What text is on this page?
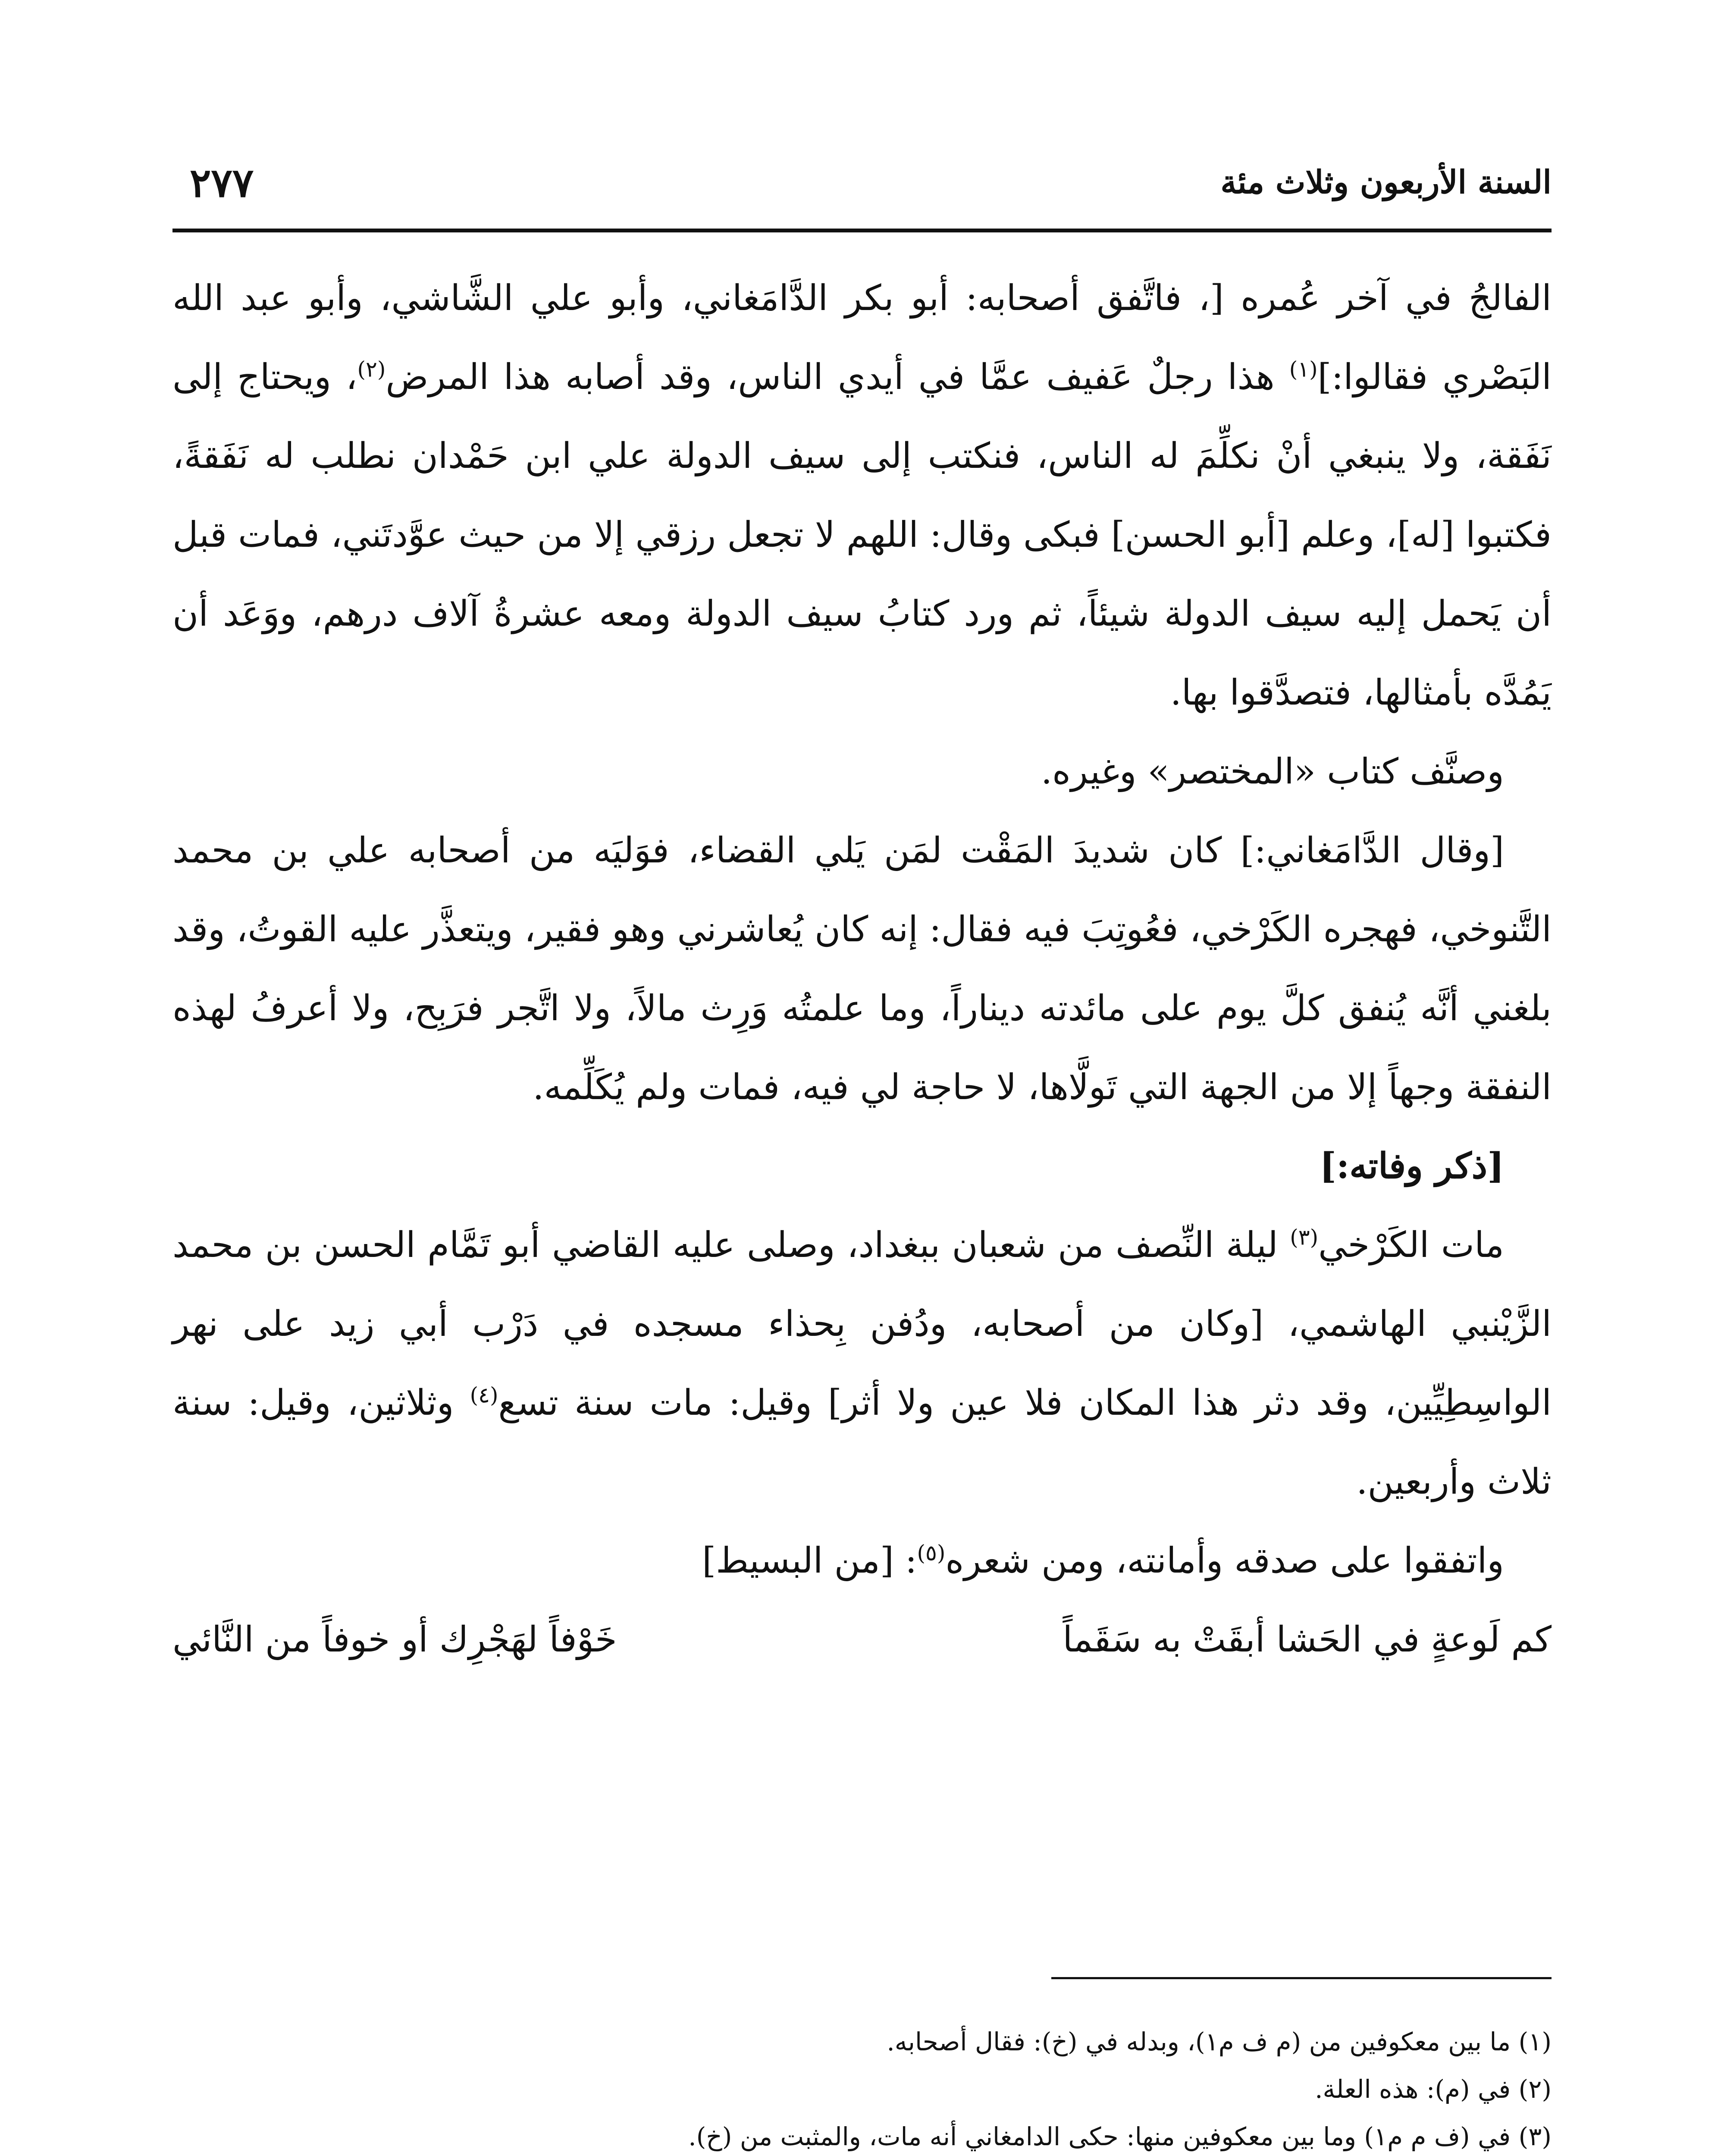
السنة الأربعون وثلاث مئة
٢٧٧

الفالجُ في آخر عُمره [، فاتَّفق أصحابه: أبو بكر الدَّامَغاني، وأبو علي الشَّاشي، وأبو عبد الله البَصْري فقالوا:]$^{(١)}$ هذا رجلٌ عَفيف عمَّا في أيدي الناس، وقد أصابه هذا المرض$^{(٢)}$، ويحتاج إلى نَفَقة، ولا ينبغي أنْ نكلِّمَ له الناس، فنكتب إلى سيف الدولة علي ابن حَمْدان نطلب له نَفَقةً، فكتبوا [له]، وعلم [أبو الحسن] فبكى وقال: اللهم لا تجعل رزقي إلا من حيث عوَّدتَني، فمات قبل أن يَحمل إليه سيف الدولة شيئاً، ثم ورد كتابُ سيف الدولة ومعه عشرةُ آلاف درهم، ووَعَد أن يَمُدَّه بأمثالها، فتصدَّقوا بها.

وصنَّف كتاب «المختصر» وغيره.

[وقال الدَّامَغاني:] كان شديدَ المَقْت لمَن يَلي القضاء، فوَليَه من أصحابه علي بن محمد التَّنوخي، فهجره الكَرْخي، فعُوتِبَ فيه فقال: إنه كان يُعاشرني وهو فقير، ويتعذَّر عليه القوتُ، وقد بلغني أنَّه يُنفق كلَّ يوم على مائدته ديناراً، وما علمتُه وَرِث مالاً، ولا اتَّجر فرَبِح، ولا أعرفُ لهذه النفقة وجهاً إلا من الجهة التي تَولَّاها، لا حاجة لي فيه، فمات ولم يُكَلِّمه.

[ذكر وفاته:]

مات الكَرْخي$^{(٣)}$ ليلة النِّصف من شعبان ببغداد، وصلى عليه القاضي أبو تَمَّام الحسن بن محمد الزَّيْنبي الهاشمي، [وكان من أصحابه، ودُفن بِحذاء مسجده في دَرْب أبي زيد على نهر الواسِطِيِّين، وقد دثر هذا المكان فلا عين ولا أثر] وقيل: مات سنة تسع$^{(٤)}$ وثلاثين، وقيل: سنة ثلاث وأربعين.

واتفقوا على صدقه وأمانته، ومن شعره$^{(٥)}$: [من البسيط]

كم لَوعةٍ في الحَشا أبقَتْ به سَقَماً
خَوْفاً لهَجْرِك أو خوفاً من النَّائي

(١) ما بين معكوفين من (م ف م١)، وبدله في (خ): فقال أصحابه.

(٢) في (م): هذه العلة.

(٣) في (ف م م١) وما بين معكوفين منها: حكى الدامغاني أنه مات، والمثبت من (خ).
